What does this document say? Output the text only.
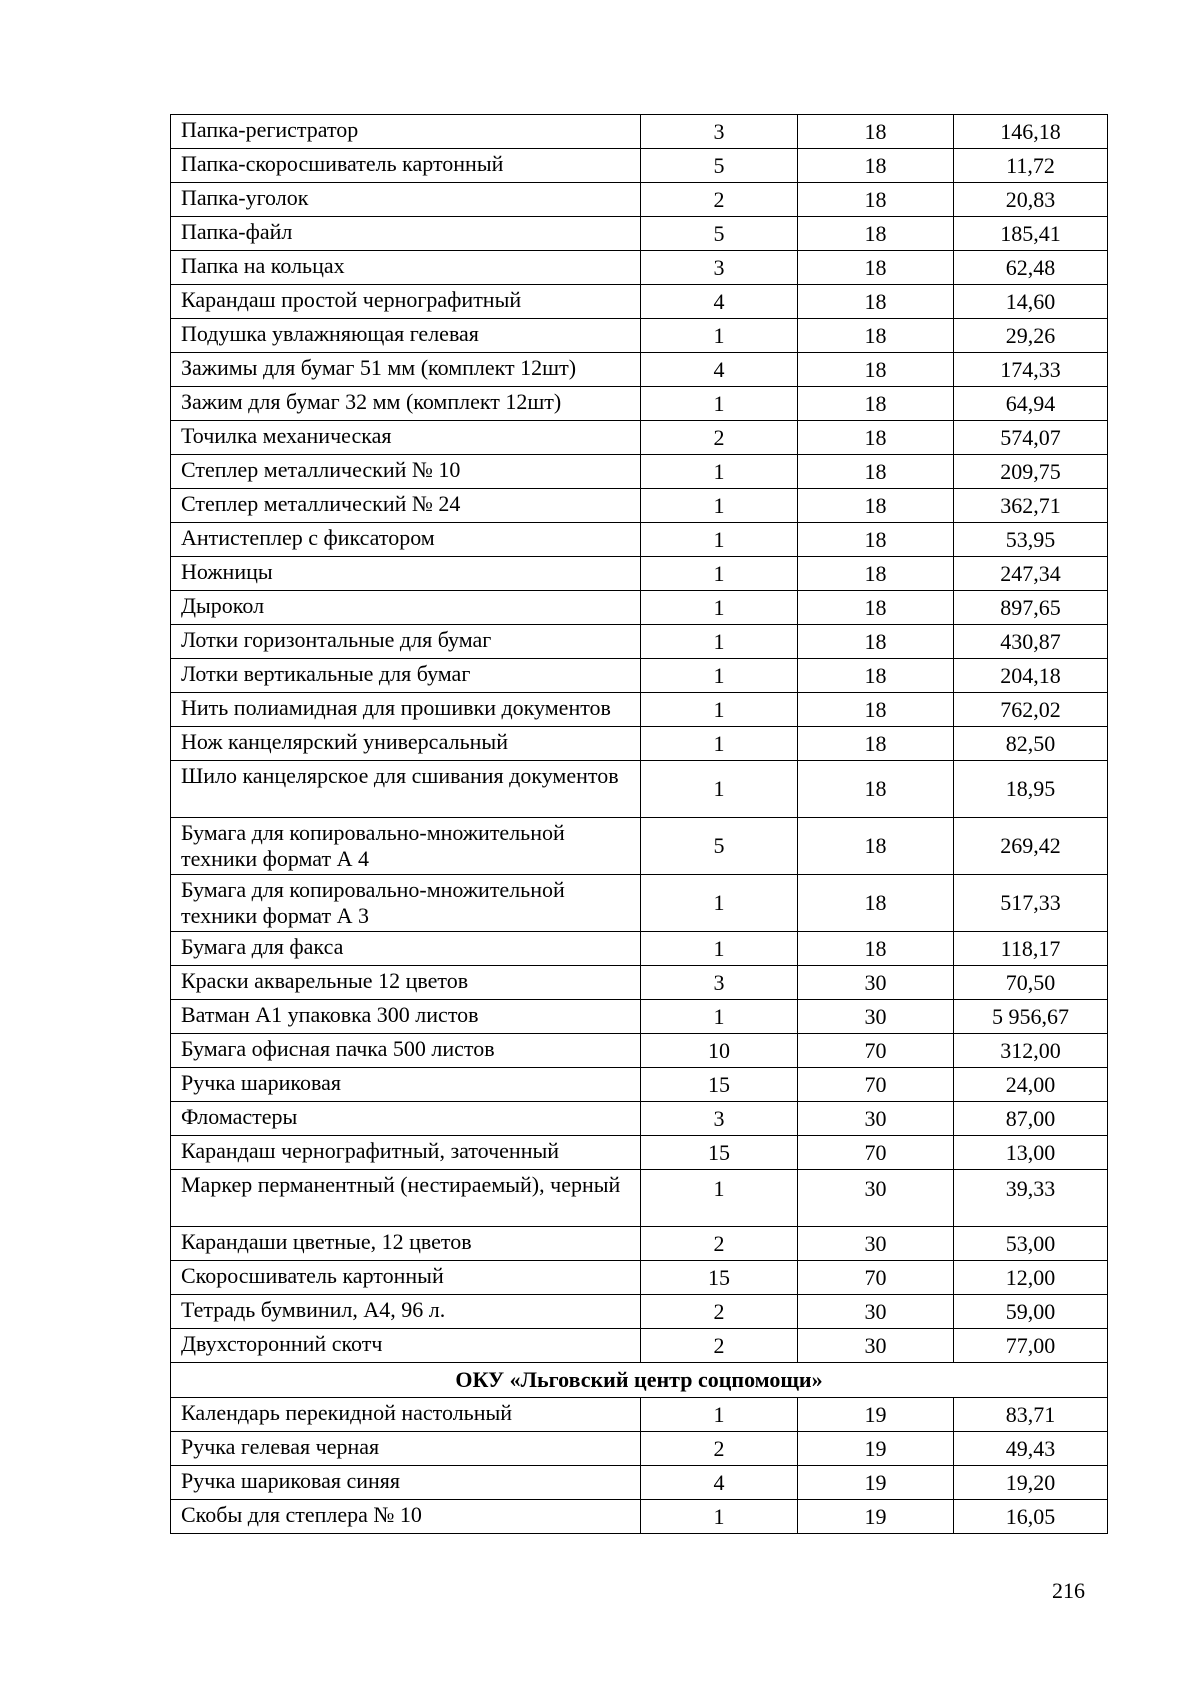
Папка-регистратор	3	18	146,18
Папка-скоросшиватель картонный	5	18	11,72
Папка-уголок	2	18	20,83
Папка-файл	5	18	185,41
Папка на кольцах	3	18	62,48
Карандаш простой чернографитный	4	18	14,60
Подушка увлажняющая гелевая	1	18	29,26
Зажимы для бумаг 51 мм (комплект 12шт)	4	18	174,33
Зажим для бумаг 32 мм (комплект 12шт)	1	18	64,94
Точилка механическая	2	18	574,07
Степлер металлический № 10	1	18	209,75
Степлер металлический № 24	1	18	362,71
Антистеплер с фиксатором	1	18	53,95
Ножницы	1	18	247,34
Дырокол	1	18	897,65
Лотки горизонтальные для бумаг	1	18	430,87
Лотки вертикальные для бумаг	1	18	204,18
Нить полиамидная для прошивки документов	1	18	762,02
Нож канцелярский универсальный	1	18	82,50
Шило канцелярское для сшивания документов	1	18	18,95
Бумага для копировально-множительной техники формат А 4	5	18	269,42
Бумага для копировально-множительной техники формат А 3	1	18	517,33
Бумага для факса	1	18	118,17
Краски акварельные 12 цветов	3	30	70,50
Ватман А1 упаковка 300 листов	1	30	5 956,67
Бумага офисная пачка 500 листов	10	70	312,00
Ручка шариковая	15	70	24,00
Фломастеры	3	30	87,00
Карандаш чернографитный, заточенный	15	70	13,00
Маркер перманентный (нестираемый), черный	1	30	39,33
Карандаши цветные, 12 цветов	2	30	53,00
Скоросшиватель картонный	15	70	12,00
Тетрадь бумвинил, А4, 96 л.	2	30	59,00
Двухсторонний скотч	2	30	77,00
ОКУ «Льговский центр соцпомощи»			
Календарь перекидной настольный	1	19	83,71
Ручка гелевая черная	2	19	49,43
Ручка шариковая синяя	4	19	19,20
Скобы для степлера № 10	1	19	16,05
216
